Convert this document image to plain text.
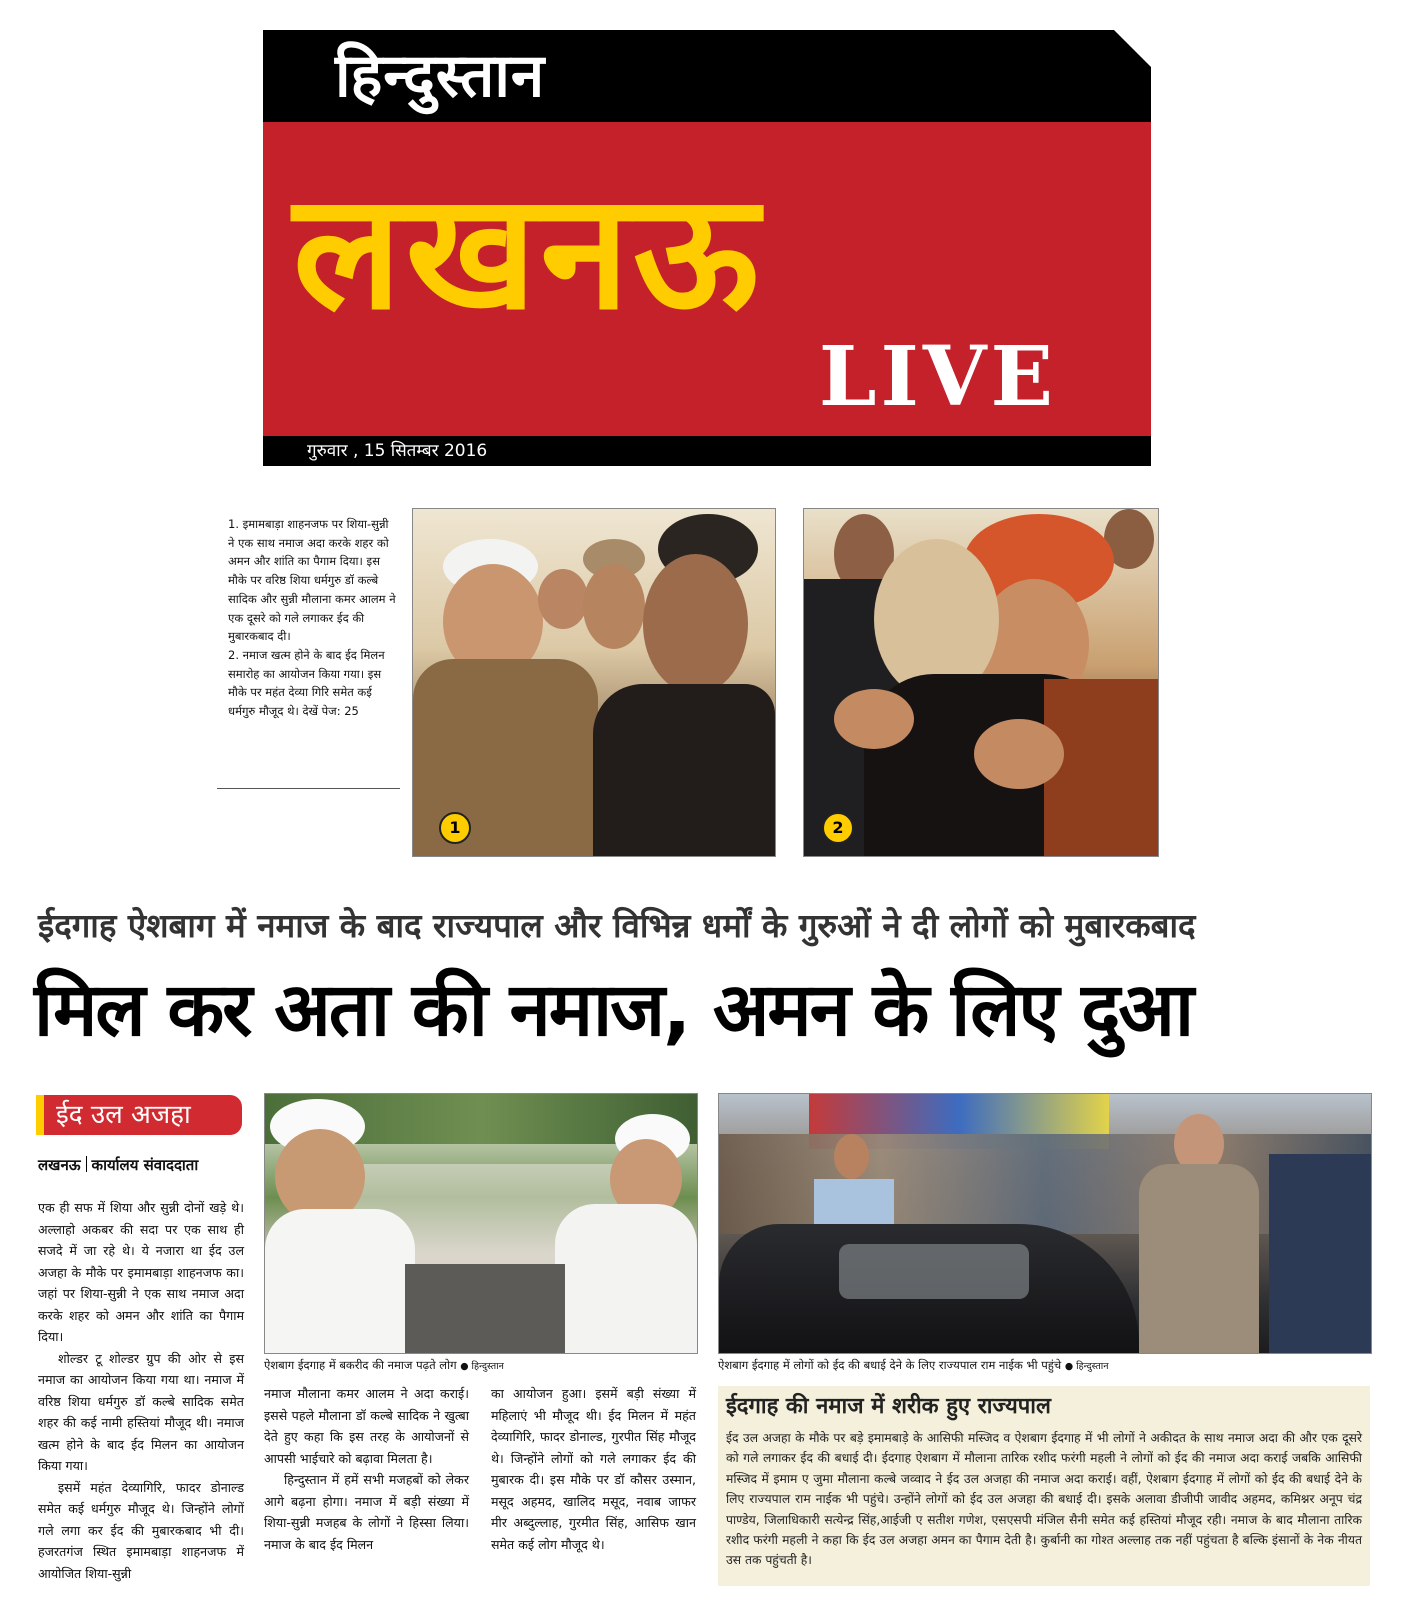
हिन्दुस्तान
लखनऊ
LIVE
गुरुवार , 15 सितम्बर 2016

1. इमामबाड़ा शाहनजफ पर शिया-सुन्नी ने एक साथ नमाज अदा करके शहर को अमन और शांति का पैगाम दिया। इस मौके पर वरिष्ठ शिया धर्मगुरु डॉ कल्बे सादिक और सुन्नी मौलाना कमर आलम ने एक दूसरे को गले लगाकर ईद की मुबारकबाद दी।

2. नमाज खत्म होने के बाद ईद मिलन समारोह का आयोजन किया गया। इस मौके पर महंत देव्या गिरि समेत कई धर्मगुरु मौजूद थे। देखें पेज: 25

1	2
ईदगाह ऐशबाग में नमाज के बाद राज्यपाल और विभिन्न धर्मों के गुरुओं ने दी लोगों को मुबारकबाद
मिल कर अता की नमाज, अमन के लिए दुआ
ईद उल अजहा
लखनऊ कार्यालय संवाददाता

एक ही सफ में शिया और सुन्नी दोनों खड़े थे। अल्लाहो अकबर की सदा पर एक साथ ही सजदे में जा रहे थे। ये नजारा था ईद उल अजहा के मौके पर इमामबाड़ा शाहनजफ का। जहां पर शिया-सुन्नी ने एक साथ नमाज अदा करके शहर को अमन और शांति का पैगाम दिया।

शोल्डर टू शोल्डर ग्रुप की ओर से इस नमाज का आयोजन किया गया था। नमाज में वरिष्ठ शिया धर्मगुरु डॉ कल्बे सादिक समेत शहर की कई नामी हस्तियां मौजूद थी। नमाज खत्म होने के बाद ईद मिलन का आयोजन किया गया।

इसमें महंत देव्यागिरि, फादर डोनाल्ड समेत कई धर्मगुरु मौजूद थे। जिन्होंने लोगों गले लगा कर ईद की मुबारकबाद भी दी। हजरतगंज स्थित इमामबाड़ा शाहनजफ में आयोजित शिया-सुन्नी

ऐशबाग ईदगाह में बकरीद की नमाज पढ़ते लोग ● हिन्दुस्तान

नमाज मौलाना कमर आलम ने अदा कराई। इससे पहले मौलाना डॉ कल्बे सादिक ने खुत्बा देते हुए कहा कि इस तरह के आयोजनों से आपसी भाईचारे को बढ़ावा मिलता है।

हिन्दुस्तान में हमें सभी मजहबों को लेकर आगे बढ़ना होगा। नमाज में बड़ी संख्या में शिया-सुन्नी मजहब के लोगों ने हिस्सा लिया। नमाज के बाद ईद मिलन

का आयोजन हुआ। इसमें बड़ी संख्या में महिलाएं भी मौजूद थी। ईद मिलन में महंत देव्यागिरि, फादर डोनाल्ड, गुरपीत सिंह मौजूद थे। जिन्होंने लोगों को गले लगाकर ईद की मुबारक दी। इस मौके पर डॉ कौसर उस्मान, मसूद अहमद, खालिद मसूद, नवाब जाफर मीर अब्दुल्लाह, गुरमीत सिंह, आसिफ खान समेत कई लोग मौजूद थे।

ऐशबाग ईदगाह में लोगों को ईद की बधाई देने के लिए राज्यपाल राम नाईक भी पहुंचे ● हिन्दुस्तान
ईदगाह की नमाज में शरीक हुए राज्यपाल

ईद उल अजहा के मौके पर बड़े इमामबाड़े के आसिफी मस्जिद व ऐशबाग ईदगाह में भी लोगों ने अकीदत के साथ नमाज अदा की और एक दूसरे को गले लगाकर ईद की बधाई दी। ईदगाह ऐशबाग में मौलाना तारिक रशीद फरंगी महली ने लोगों को ईद की नमाज अदा कराई जबकि आसिफी मस्जिद में इमाम ए जुमा मौलाना कल्बे जव्वाद ने ईद उल अजहा की नमाज अदा कराई। वहीं, ऐशबाग ईदगाह में लोगों को ईद की बधाई देने के लिए राज्यपाल राम नाईक भी पहुंचे। उन्होंने लोगों को ईद उल अजहा की बधाई दी। इसके अलावा डीजीपी जावीद अहमद, कमिश्नर अनूप चंद्र पाण्डेय, जिलाधिकारी सत्येन्द्र सिंह,आईजी ए सतीश गणेश, एसएसपी मंजिल सैनी समेत कई हस्तियां मौजूद रही। नमाज के बाद मौलाना तारिक रशीद फरंगी महली ने कहा कि ईद उल अजहा अमन का पैगाम देती है। कुर्बानी का गोश्त अल्लाह तक नहीं पहुंचता है बल्कि इंसानों के नेक नीयत उस तक पहुंचती है।
